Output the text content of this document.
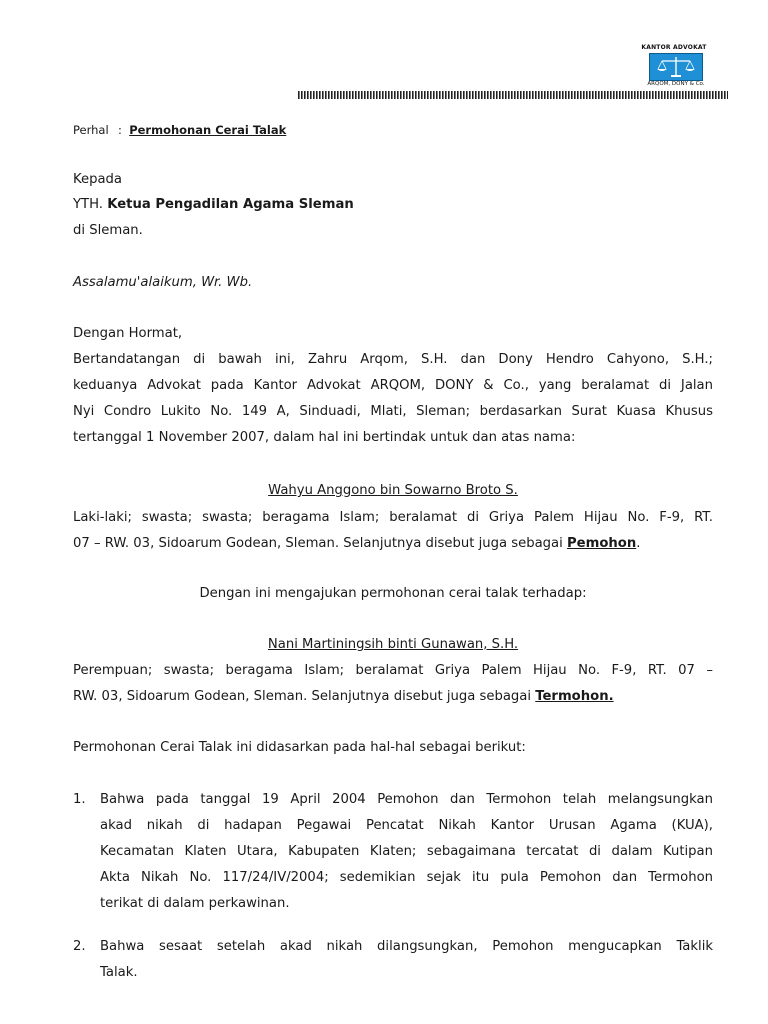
KANTOR ADVOKAT
ARQOM, DONY & Co.
Perhal : Permohonan Cerai Talak
Kepada
YTH. Ketua Pengadilan Agama Sleman
di Sleman.
Assalamu'alaikum, Wr. Wb.
Dengan Hormat,
Bertandatangan di bawah ini, Zahru Arqom, S.H. dan Dony Hendro Cahyono, S.H.;
keduanya Advokat pada Kantor Advokat ARQOM, DONY & Co., yang beralamat di Jalan
Nyi Condro Lukito No. 149 A, Sinduadi, Mlati, Sleman; berdasarkan Surat Kuasa Khusus
tertanggal 1 November 2007, dalam hal ini bertindak untuk dan atas nama:
Wahyu Anggono bin Sowarno Broto S.
Laki-laki; swasta; swasta; beragama Islam; beralamat di Griya Palem Hijau No. F-9, RT.
07 – RW. 03, Sidoarum Godean, Sleman. Selanjutnya disebut juga sebagai Pemohon.
Dengan ini mengajukan permohonan cerai talak terhadap:
Nani Martiningsih binti Gunawan, S.H.
Perempuan; swasta; beragama Islam; beralamat Griya Palem Hijau No. F-9, RT. 07 –
RW. 03, Sidoarum Godean, Sleman. Selanjutnya disebut juga sebagai Termohon.
Permohonan Cerai Talak ini didasarkan pada hal-hal sebagai berikut:
1. Bahwa pada tanggal 19 April 2004 Pemohon dan Termohon telah melangsungkan
akad nikah di hadapan Pegawai Pencatat Nikah Kantor Urusan Agama (KUA),
Kecamatan Klaten Utara, Kabupaten Klaten; sebagaimana tercatat di dalam Kutipan
Akta Nikah No. 117/24/IV/2004; sedemikian sejak itu pula Pemohon dan Termohon
terikat di dalam perkawinan.
2. Bahwa sesaat setelah akad nikah dilangsungkan, Pemohon mengucapkan Taklik
Talak.
